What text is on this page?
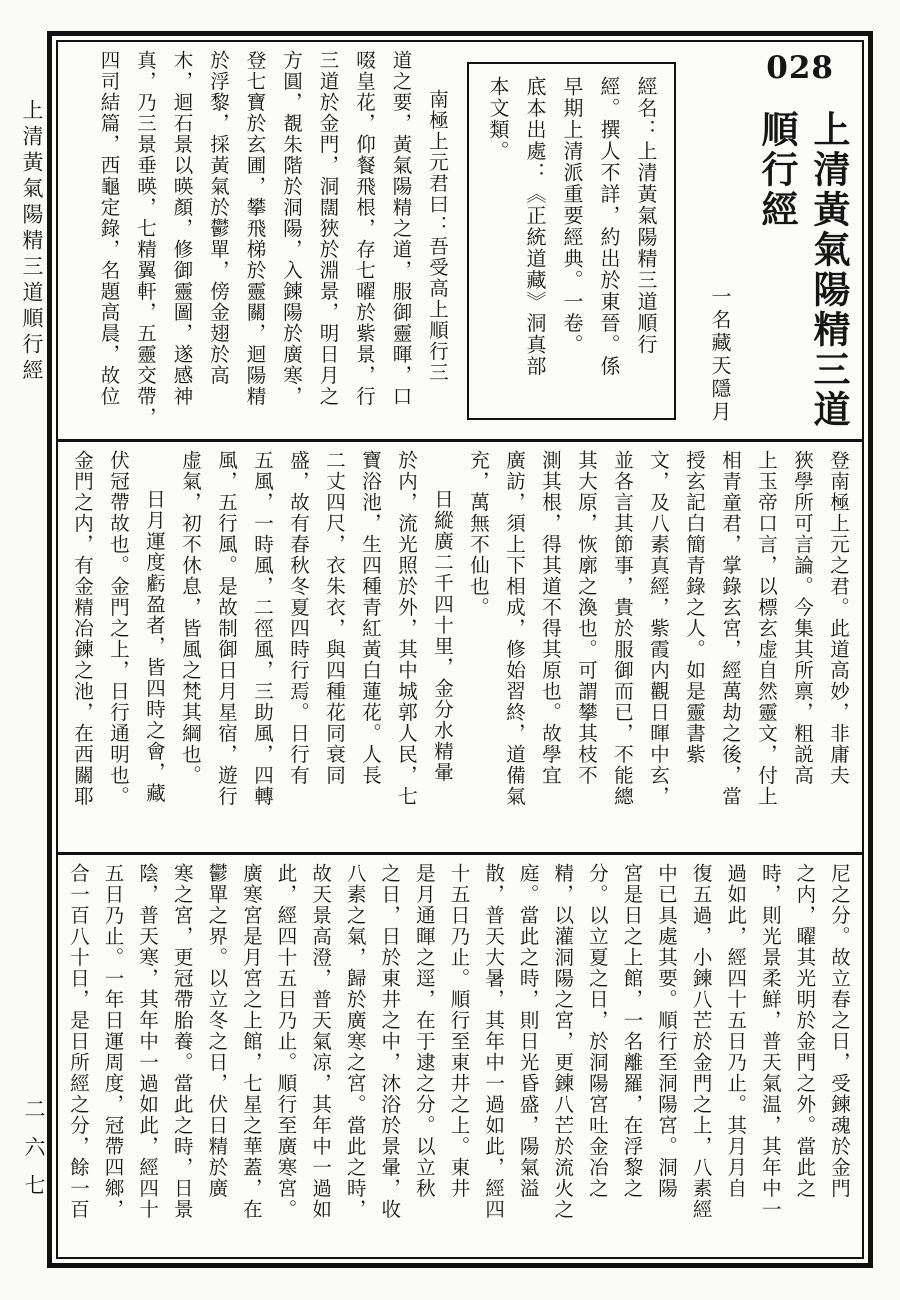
上清黃氣陽精三道順行經
二六七
028
上清黃氣陽精三道
順行經
一名藏天隱月
經名：上清黃氣陽精三道順行
經。撰人不詳，約出於東晉。係
早期上清派重要經典。一卷。
底本出處：《正統道藏》洞真部
本文類。
南極上元君曰：吾受高上順行三
道之要，黃氣陽精之道，服御靈暉，口
啜皇花，仰餐飛根，存七曜於紫景，行
三道於金門，洞闊狹於淵景，明日月之
方圓，覩朱階於洞陽，入鍊陽於廣寒，
登七寶於玄圃，攀飛梯於靈關，迴陽精
於浮黎，採黃氣於鬱單，傍金翅於高
木，迴石景以暎顏，修御靈圖，遂感神
真，乃三景垂暎，七精翼軒，五靈交帶，
四司結篇，西龜定錄，名題高晨，故位
登南極上元之君。此道高妙，非庸夫
狹學所可言論。今集其所禀，粗説高
上玉帝口言，以標玄虚自然靈文，付上
相青童君，掌錄玄宮，經萬劫之後，當
授玄記白簡青錄之人。如是靈書紫
文，及八素真經，紫霞内觀日暉中玄，
並各言其節事，貴於服御而已，不能總
其大原，恢廓之渙也。可謂攀其枝不
測其根，得其道不得其原也。故學宜
廣訪，須上下相成，修始習終，道備氣
充，萬無不仙也。
日縱廣二千四十里，金分水精暈
於内，流光照於外，其中城郭人民，七
寶浴池，生四種青紅黃白蓮花。人長
二丈四尺，衣朱衣，與四種花同衰同
盛，故有春秋冬夏四時行焉。日行有
五風，一時風，二徑風，三助風，四轉
風，五行風。是故制御日月星宿，遊行
虚氣，初不休息，皆風之梵其綱也。
日月運度虧盈者，皆四時之會，藏
伏冠帶故也。金門之上，日行通明也。
金門之内，有金精冶鍊之池，在西關耶
尼之分。故立春之日，受鍊魂於金門
之内，曜其光明於金門之外。當此之
時，則光景柔鮮，普天氣温，其年中一
過如此，經四十五日乃止。其月月自
復五過，小鍊八芒於金門之上，八素經
中已具處其要。順行至洞陽宮。洞陽
宮是日之上館，一名離羅，在浮黎之
分。以立夏之日，於洞陽宮吐金冶之
精，以灌洞陽之宮，更鍊八芒於流火之
庭。當此之時，則日光昏盛，陽氣溢
散，普天大暑，其年中一過如此，經四
十五日乃止。順行至東井之上。東井
是月通暉之逕，在于逮之分。以立秋
之日，日於東井之中，沐浴於景暈，收
八素之氣，歸於廣寒之宮。當此之時，
故天景高澄，普天氣凉，其年中一過如
此，經四十五日乃止。順行至廣寒宮。
廣寒宮是月宮之上館，七星之華蓋，在
鬱單之界。以立冬之日，伏日精於廣
寒之宮，更冠帶胎養。當此之時，日景
陰，普天寒，其年中一過如此，經四十
五日乃止。一年日運周度，冠帶四鄉，
合一百八十日，是日所經之分，餘一百
